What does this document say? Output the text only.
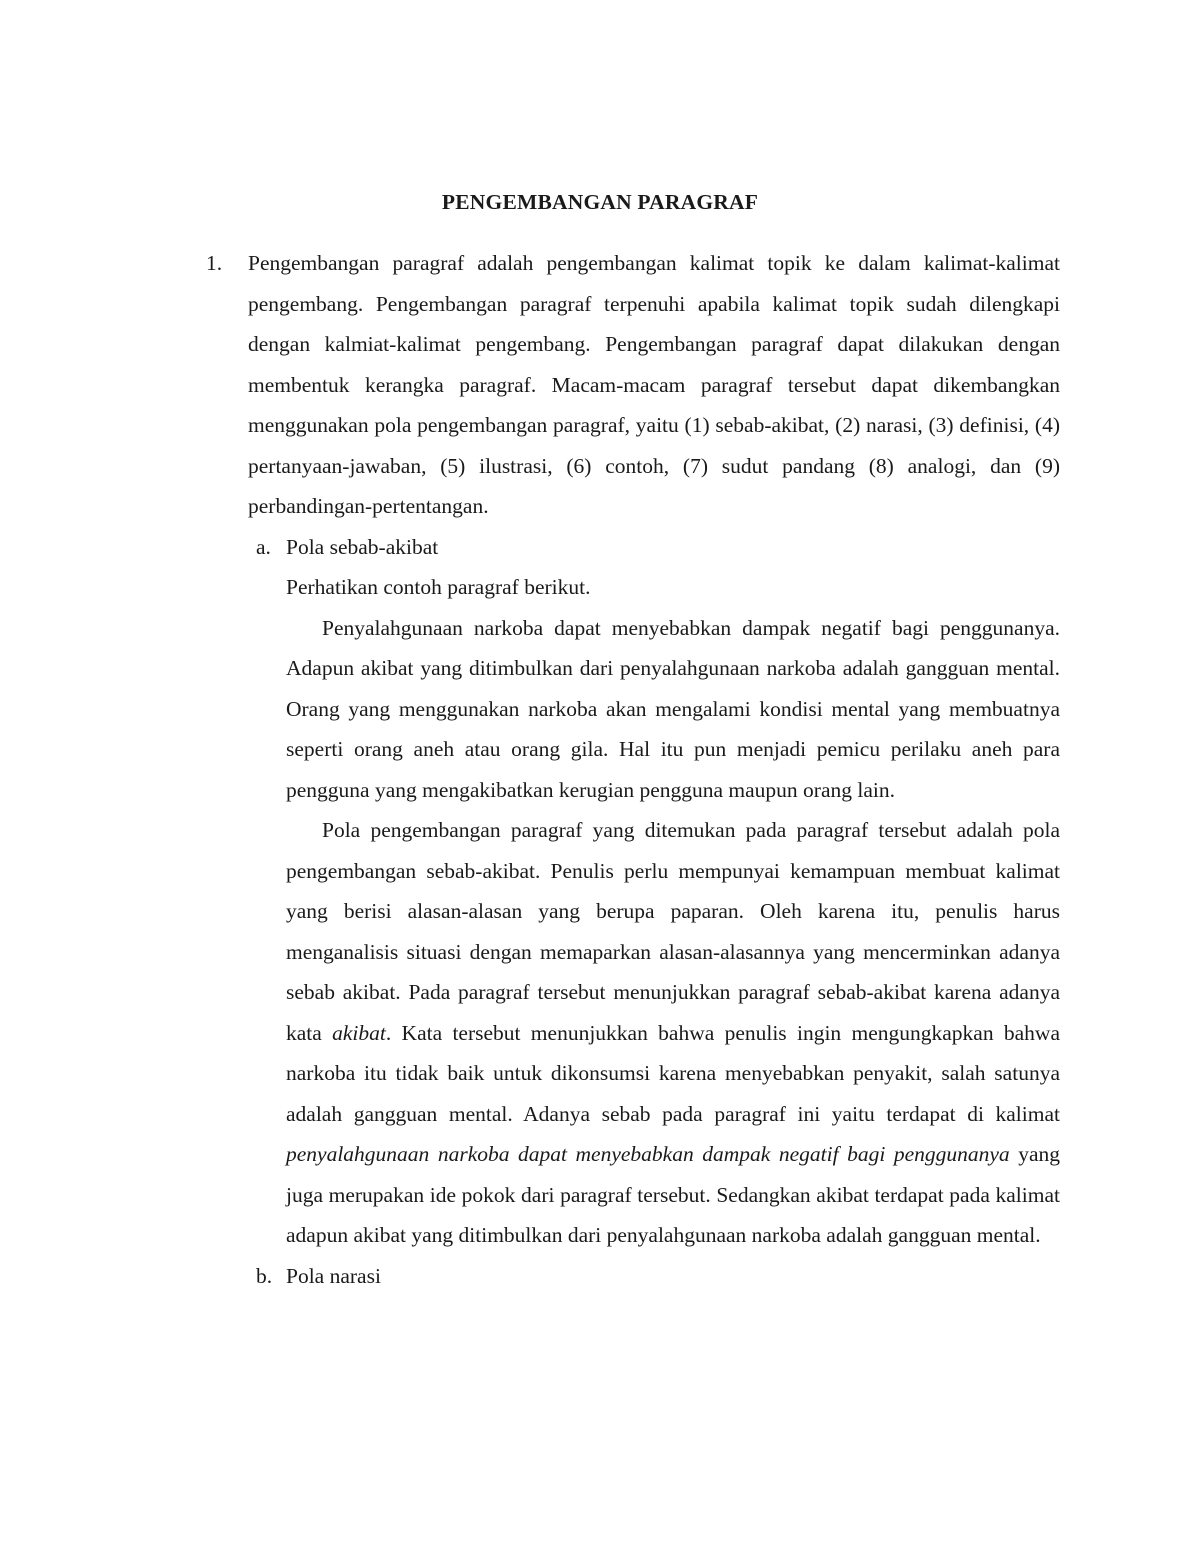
PENGEMBANGAN PARAGRAF
1. Pengembangan paragraf adalah pengembangan kalimat topik ke dalam kalimat-kalimat pengembang. Pengembangan paragraf terpenuhi apabila kalimat topik sudah dilengkapi dengan kalmiat-kalimat pengembang. Pengembangan paragraf dapat dilakukan dengan membentuk kerangka paragraf. Macam-macam paragraf tersebut dapat dikembangkan menggunakan pola pengembangan paragraf, yaitu (1) sebab-akibat, (2) narasi, (3) definisi, (4) pertanyaan-jawaban, (5) ilustrasi, (6) contoh, (7) sudut pandang (8) analogi, dan (9) perbandingan-pertentangan.
a. Pola sebab-akibat
Perhatikan contoh paragraf berikut.
Penyalahgunaan narkoba dapat menyebabkan dampak negatif bagi penggunanya. Adapun akibat yang ditimbulkan dari penyalahgunaan narkoba adalah gangguan mental. Orang yang menggunakan narkoba akan mengalami kondisi mental yang membuatnya seperti orang aneh atau orang gila. Hal itu pun menjadi pemicu perilaku aneh para pengguna yang mengakibatkan kerugian pengguna maupun orang lain.
Pola pengembangan paragraf yang ditemukan pada paragraf tersebut adalah pola pengembangan sebab-akibat. Penulis perlu mempunyai kemampuan membuat kalimat yang berisi alasan-alasan yang berupa paparan. Oleh karena itu, penulis harus menganalisis situasi dengan memaparkan alasan-alasannya yang mencerminkan adanya sebab akibat. Pada paragraf tersebut menunjukkan paragraf sebab-akibat karena adanya kata akibat. Kata tersebut menunjukkan bahwa penulis ingin mengungkapkan bahwa narkoba itu tidak baik untuk dikonsumsi karena menyebabkan penyakit, salah satunya adalah gangguan mental. Adanya sebab pada paragraf ini yaitu terdapat di kalimat penyalahgunaan narkoba dapat menyebabkan dampak negatif bagi penggunanya yang juga merupakan ide pokok dari paragraf tersebut. Sedangkan akibat terdapat pada kalimat adapun akibat yang ditimbulkan dari penyalahgunaan narkoba adalah gangguan mental.
b. Pola narasi
